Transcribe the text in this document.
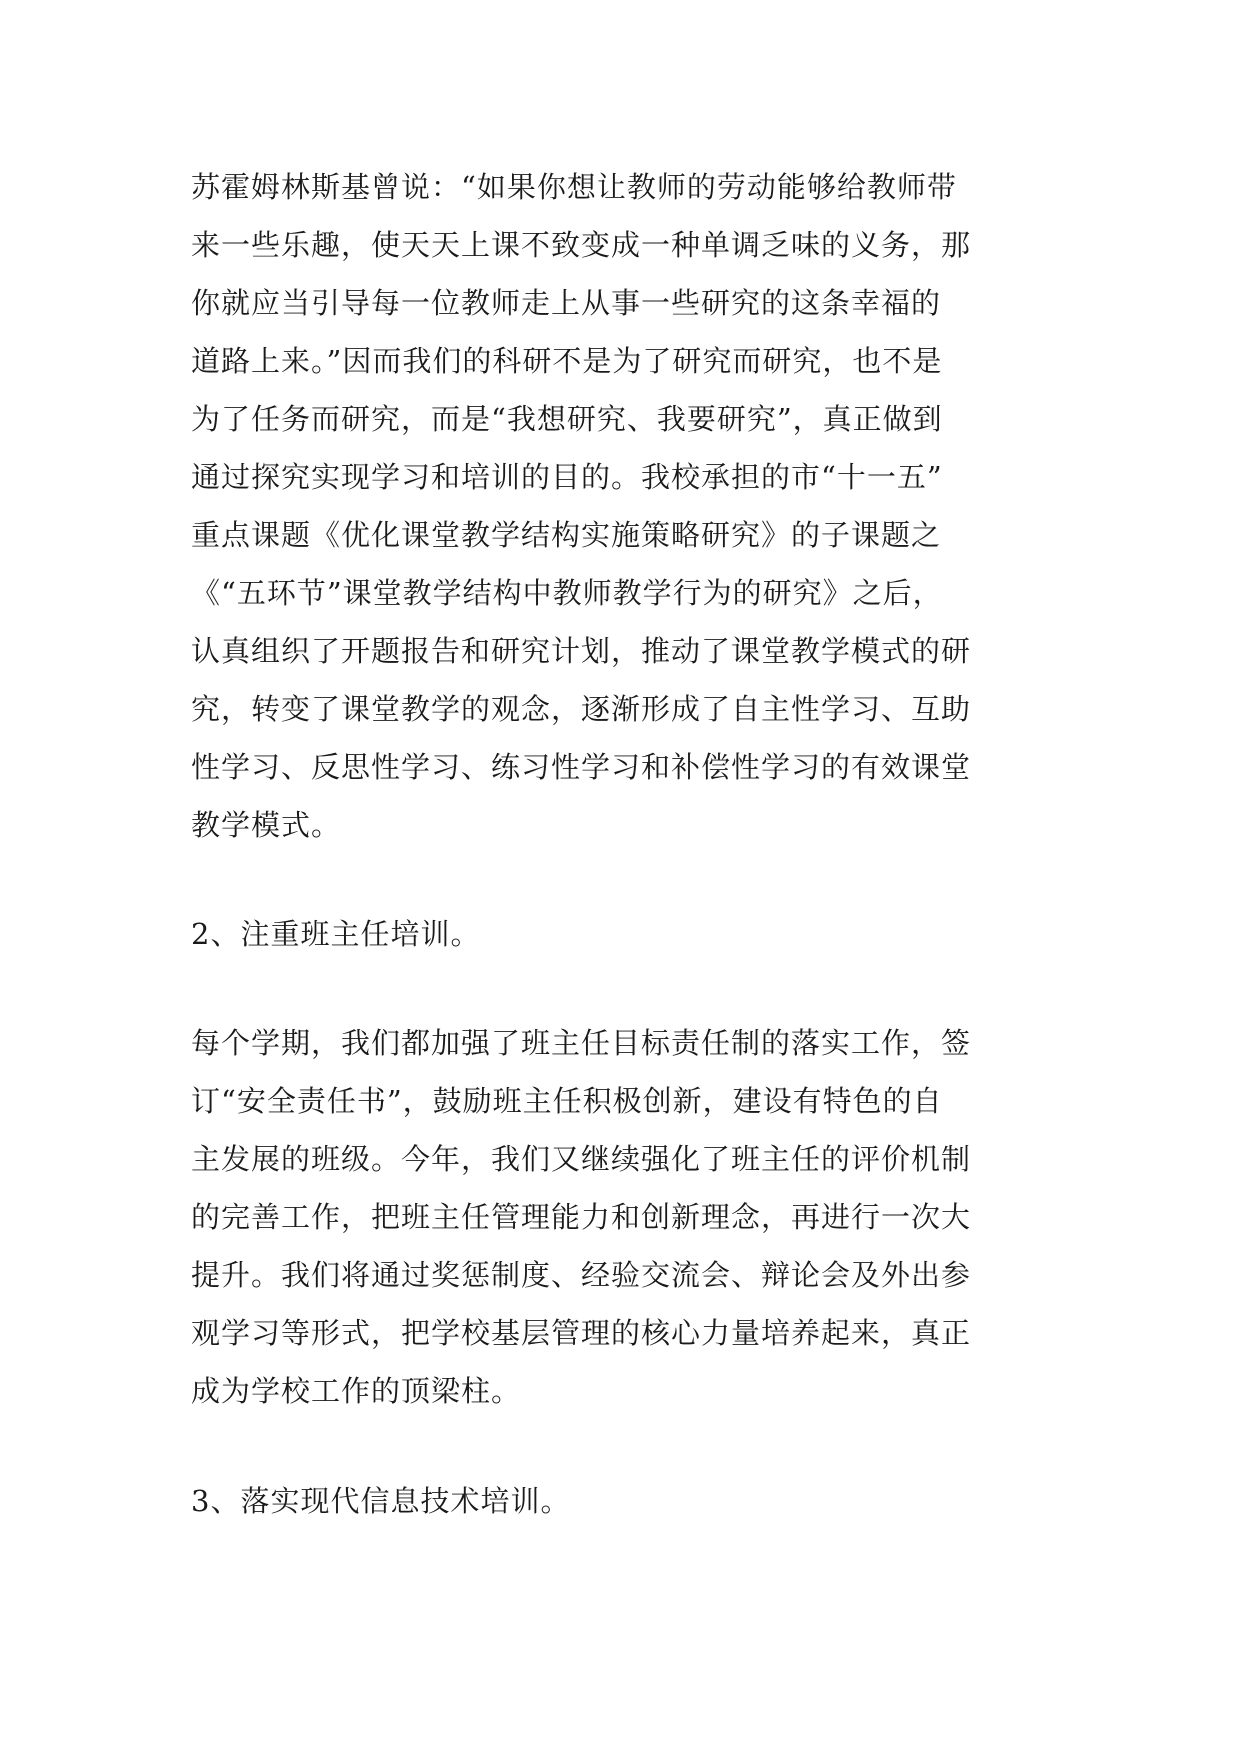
苏霍姆林斯基曾说：“如果你想让教师的劳动能够给教师带
来一些乐趣，使天天上课不致变成一种单调乏味的义务，那
你就应当引导每一位教师走上从事一些研究的这条幸福的
道路上来。”因而我们的科研不是为了研究而研究，也不是
为了任务而研究，而是“我想研究、我要研究”，真正做到
通过探究实现学习和培训的目的。我校承担的市“十一五”
重点课题《优化课堂教学结构实施策略研究》的子课题之
《“五环节”课堂教学结构中教师教学行为的研究》之后，
认真组织了开题报告和研究计划，推动了课堂教学模式的研
究，转变了课堂教学的观念，逐渐形成了自主性学习、互助
性学习、反思性学习、练习性学习和补偿性学习的有效课堂
教学模式。

2、注重班主任培训。

每个学期，我们都加强了班主任目标责任制的落实工作，签
订“安全责任书”，鼓励班主任积极创新，建设有特色的自
主发展的班级。今年，我们又继续强化了班主任的评价机制
的完善工作，把班主任管理能力和创新理念，再进行一次大
提升。我们将通过奖惩制度、经验交流会、辩论会及外出参
观学习等形式，把学校基层管理的核心力量培养起来，真正
成为学校工作的顶梁柱。

3、落实现代信息技术培训。
